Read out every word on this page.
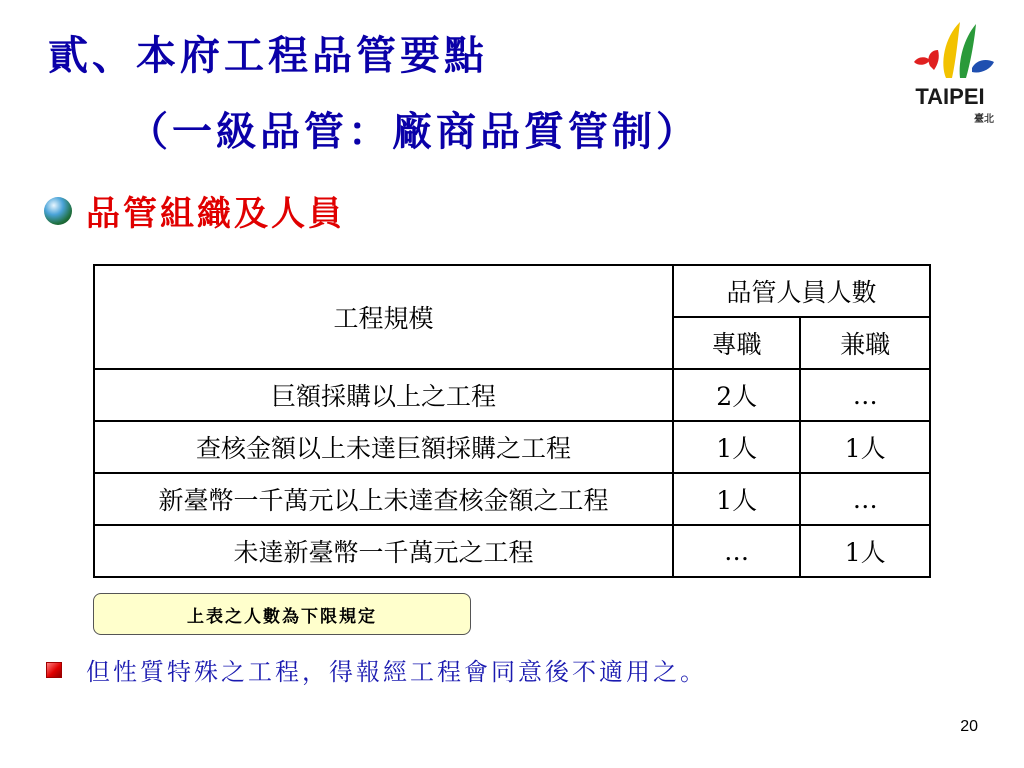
貳、本府工程品管要點
（一級品管：廠商品質管制）
TAIPEI
臺北
品管組織及人員
工程規模	品管人員人數	
	專職	兼職
巨額採購以上之工程	2人	…
查核金額以上未達巨額採購之工程	1人	1人
新臺幣一千萬元以上未達查核金額之工程	1人	…
未達新臺幣一千萬元之工程	…	1人
上表之人數為下限規定
但性質特殊之工程，得報經工程會同意後不適用之。
20
